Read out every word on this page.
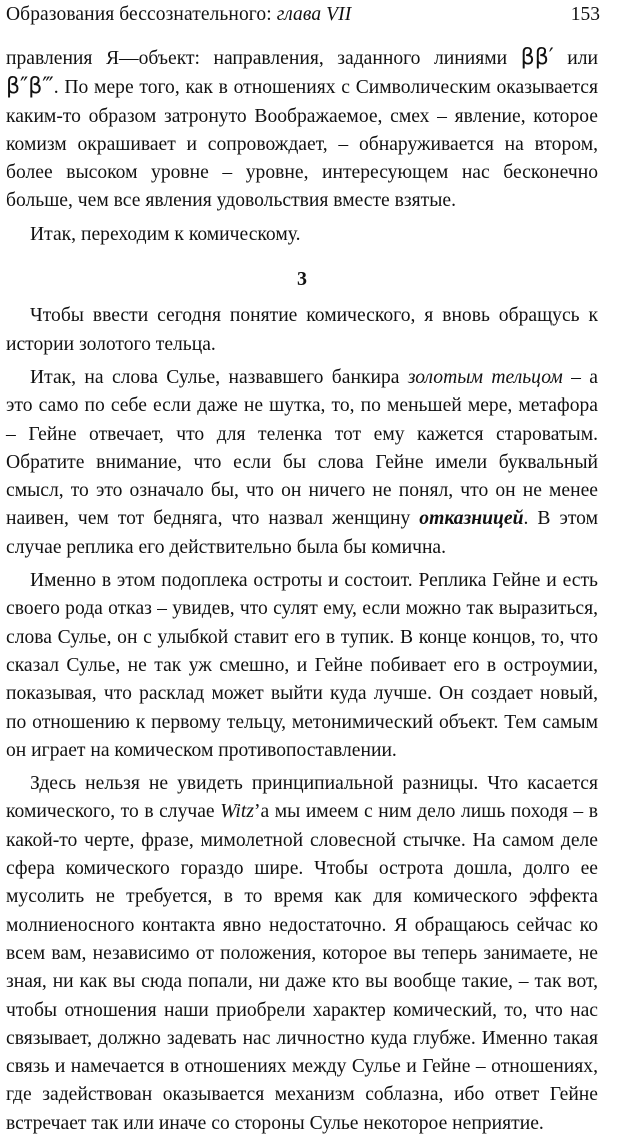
Образования бессознательного: глава VII	153

правления Я—объект: направления, заданного линиями ββ′ или β″β‴. По мере того, как в отношениях с Символическим оказывается каким-то образом затронуто Воображаемое, смех – явление, которое комизм окрашивает и сопровождает, – обнаруживается на втором, более высоком уровне – уровне, интересующем нас бесконечно больше, чем все явления удовольствия вместе взятые.

Итак, переходим к комическому.

3

Чтобы ввести сегодня понятие комического, я вновь обращусь к истории золотого тельца.

Итак, на слова Сулье, назвавшего банкира золотым тельцом – а это само по себе если даже не шутка, то, по меньшей мере, метафора – Гейне отвечает, что для теленка тот ему кажется староватым. Обратите внимание, что если бы слова Гейне имели буквальный смысл, то это означало бы, что он ничего не понял, что он не менее наивен, чем тот бедняга, что назвал женщину отказницей. В этом случае реплика его действительно была бы комична.

Именно в этом подоплека остроты и состоит. Реплика Гейне и есть своего рода отказ – увидев, что сулят ему, если можно так выразиться, слова Сулье, он с улыбкой ставит его в тупик. В конце концов, то, что сказал Сулье, не так уж смешно, и Гейне побивает его в остроумии, показывая, что расклад может выйти куда лучше. Он создает новый, по отношению к первому тельцу, метонимический объект. Тем самым он играет на комическом противопоставлении.

Здесь нельзя не увидеть принципиальной разницы. Что касается комического, то в случае Witz’а мы имеем с ним дело лишь походя – в какой-то черте, фразе, мимолетной словесной стычке. На самом деле сфера комического гораздо шире. Чтобы острота дошла, долго ее мусолить не требуется, в то время как для комического эффекта молниеносного контакта явно недостаточно. Я обращаюсь сейчас ко всем вам, независимо от положения, которое вы теперь занимаете, не зная, ни как вы сюда попали, ни даже кто вы вообще такие, – так вот, чтобы отношения наши приобрели характер комический, то, что нас связывает, должно задевать нас личностно куда глубже. Именно такая связь и намечается в отношениях между Сулье и Гейне – отношениях, где задействован оказывается механизм соблазна, ибо ответ Гейне встречает так или иначе со стороны Сулье некоторое неприятие.
